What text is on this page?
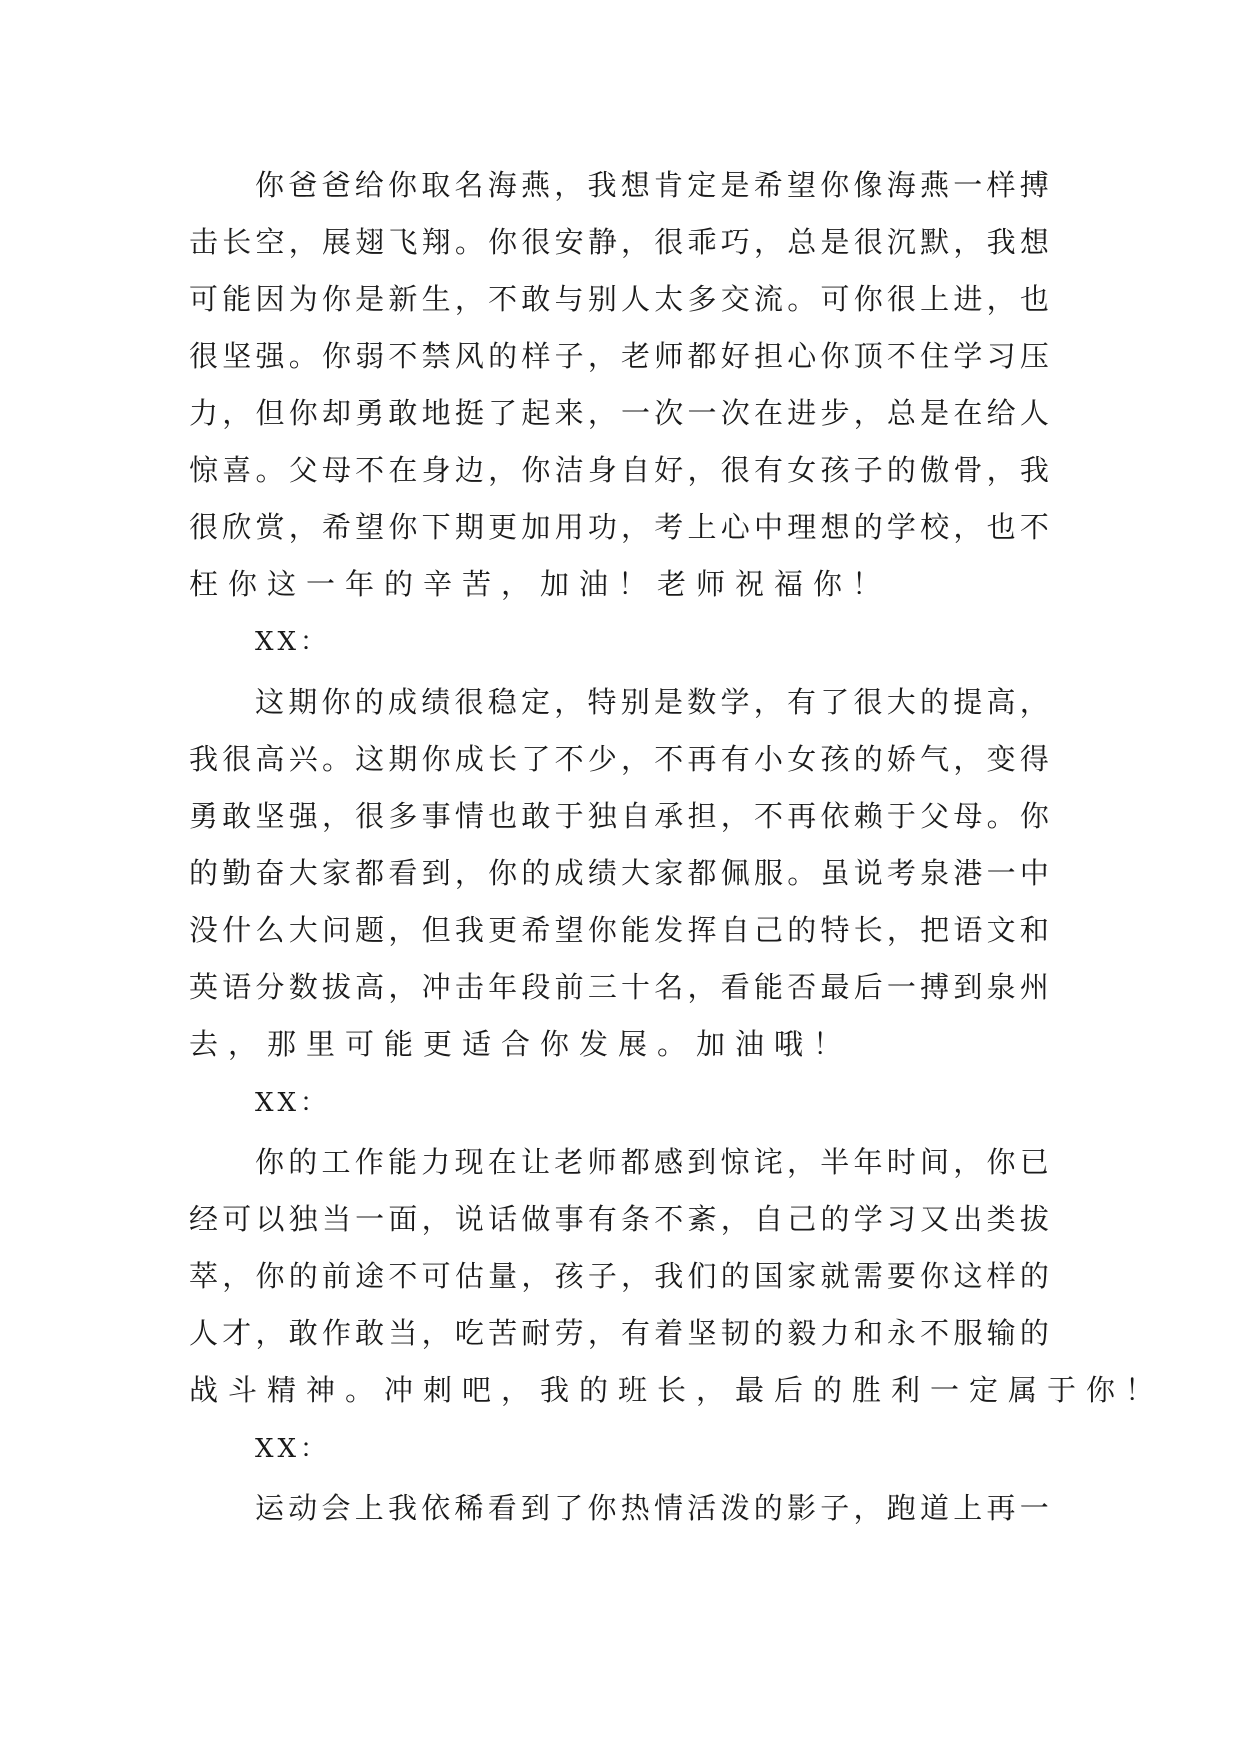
你 爸 爸 给 你 取 名 海 燕 ， 我 想 肯 定 是 希 望 你 像 海 燕 一 样 搏
击 长 空 ， 展 翅 飞 翔 。 你 很 安 静 ， 很 乖 巧 ， 总 是 很 沉 默 ， 我 想
可 能 因 为 你 是 新 生 ， 不 敢 与 别 人 太 多 交 流 。 可 你 很 上 进 ， 也
很 坚 强 。 你 弱 不 禁 风 的 样 子 ， 老 师 都 好 担 心 你 顶 不 住 学 习 压
力 ， 但 你 却 勇 敢 地 挺 了 起 来 ， 一 次 一 次 在 进 步 ， 总 是 在 给 人
惊 喜 。 父 母 不 在 身 边 ， 你 洁 身 自 好 ， 很 有 女 孩 子 的 傲 骨 ， 我
很 欣 赏 ， 希 望 你 下 期 更 加 用 功 ， 考 上 心 中 理 想 的 学 校 ， 也 不
枉你这一年的辛苦，加油！老师祝福你！
XX：
这 期 你 的 成 绩 很 稳 定 ， 特 别 是 数 学 ， 有 了 很 大 的 提 高 ，
我 很 高 兴 。 这 期 你 成 长 了 不 少 ， 不 再 有 小 女 孩 的 娇 气 ， 变 得
勇 敢 坚 强 ， 很 多 事 情 也 敢 于 独 自 承 担 ， 不 再 依 赖 于 父 母 。 你
的 勤 奋 大 家 都 看 到 ， 你 的 成 绩 大 家 都 佩 服 。 虽 说 考 泉 港 一 中
没 什 么 大 问 题 ， 但 我 更 希 望 你 能 发 挥 自 己 的 特 长 ， 把 语 文 和
英 语 分 数 拔 高 ， 冲 击 年 段 前 三 十 名 ， 看 能 否 最 后 一 搏 到 泉 州
去，那里可能更适合你发展。加油哦！
XX：
你 的 工 作 能 力 现 在 让 老 师 都 感 到 惊 诧 ， 半 年 时 间 ， 你 已
经 可 以 独 当 一 面 ， 说 话 做 事 有 条 不 紊 ， 自 己 的 学 习 又 出 类 拔
萃 ， 你 的 前 途 不 可 估 量 ， 孩 子 ， 我 们 的 国 家 就 需 要 你 这 样 的
人 才 ， 敢 作 敢 当 ， 吃 苦 耐 劳 ， 有 着 坚 韧 的 毅 力 和 永 不 服 输 的
战斗精神。冲刺吧，我的班长，最后的胜利一定属于你！
XX：
运 动 会 上 我 依 稀 看 到 了 你 热 情 活 泼 的 影 子 ， 跑 道 上 再 一
